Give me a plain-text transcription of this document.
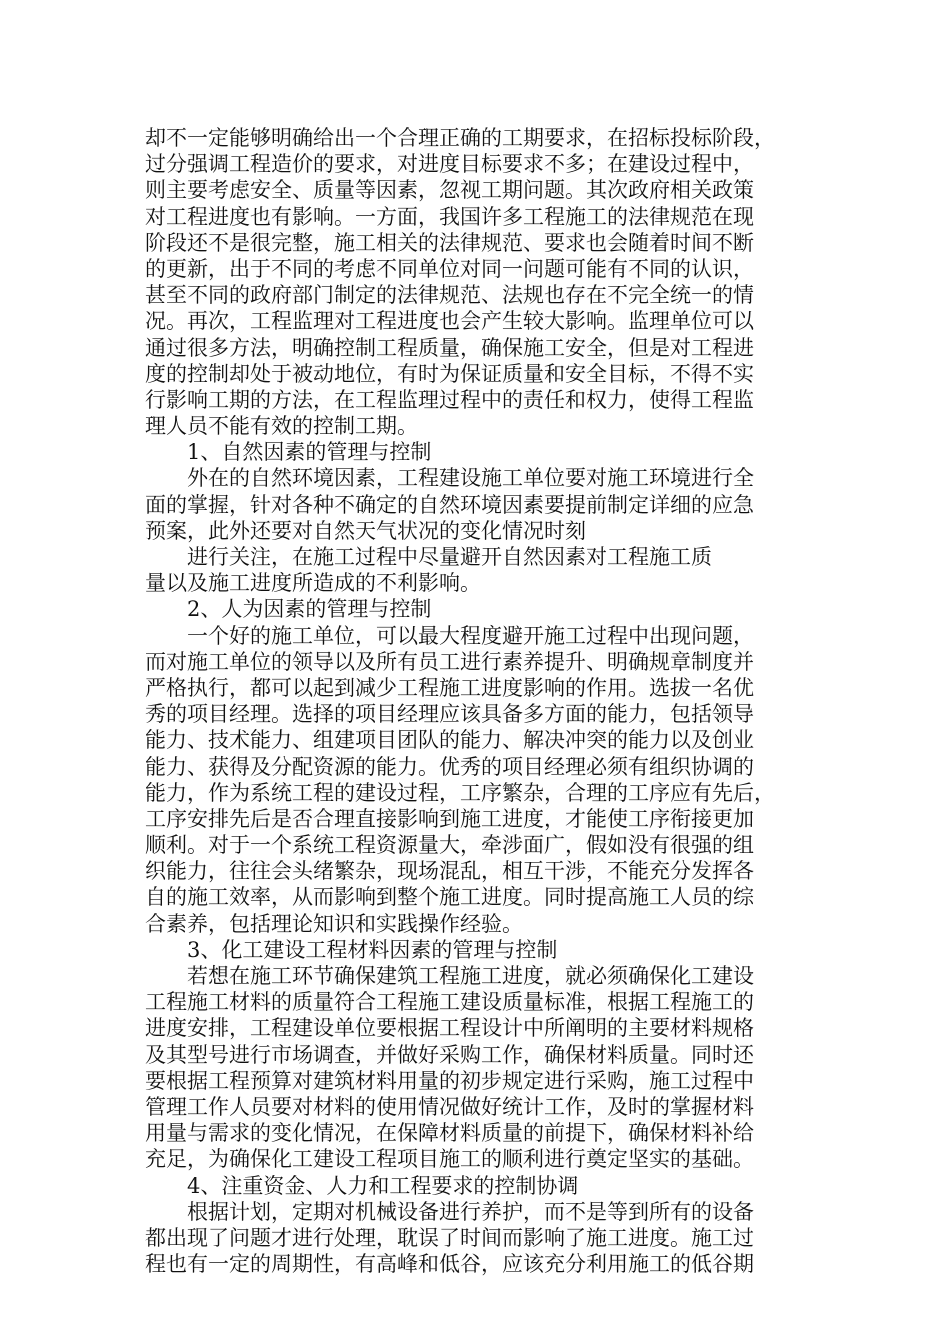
却不一定能够明确给出一个合理正确的工期要求，在招标投标阶段，
过分强调工程造价的要求，对进度目标要求不多；在建设过程中，
则主要考虑安全、质量等因素，忽视工期问题。其次政府相关政策
对工程进度也有影响。一方面，我国许多工程施工的法律规范在现
阶段还不是很完整，施工相关的法律规范、要求也会随着时间不断
的更新，出于不同的考虑不同单位对同一问题可能有不同的认识，
甚至不同的政府部门制定的法律规范、法规也存在不完全统一的情
况。再次，工程监理对工程进度也会产生较大影响。监理单位可以
通过很多方法，明确控制工程质量，确保施工安全，但是对工程进
度的控制却处于被动地位，有时为保证质量和安全目标，不得不实
行影响工期的方法，在工程监理过程中的责任和权力，使得工程监
理人员不能有效的控制工期。
1、自然因素的管理与控制
外在的自然环境因素，工程建设施工单位要对施工环境进行全
面的掌握，针对各种不确定的自然环境因素要提前制定详细的应急
预案，此外还要对自然天气状况的变化情况时刻
进行关注，在施工过程中尽量避开自然因素对工程施工质
量以及施工进度所造成的不利影响。
2、人为因素的管理与控制
一个好的施工单位，可以最大程度避开施工过程中出现问题，
而对施工单位的领导以及所有员工进行素养提升、明确规章制度并
严格执行，都可以起到减少工程施工进度影响的作用。选拔一名优
秀的项目经理。选择的项目经理应该具备多方面的能力，包括领导
能力、技术能力、组建项目团队的能力、解决冲突的能力以及创业
能力、获得及分配资源的能力。优秀的项目经理必须有组织协调的
能力，作为系统工程的建设过程，工序繁杂，合理的工序应有先后，
工序安排先后是否合理直接影响到施工进度，才能使工序衔接更加
顺利。对于一个系统工程资源量大，牵涉面广，假如没有很强的组
织能力，往往会头绪繁杂，现场混乱，相互干涉，不能充分发挥各
自的施工效率，从而影响到整个施工进度。同时提高施工人员的综
合素养，包括理论知识和实践操作经验。
3、化工建设工程材料因素的管理与控制
若想在施工环节确保建筑工程施工进度，就必须确保化工建设
工程施工材料的质量符合工程施工建设质量标准，根据工程施工的
进度安排，工程建设单位要根据工程设计中所阐明的主要材料规格
及其型号进行市场调查，并做好采购工作，确保材料质量。同时还
要根据工程预算对建筑材料用量的初步规定进行采购，施工过程中
管理工作人员要对材料的使用情况做好统计工作，及时的掌握材料
用量与需求的变化情况，在保障材料质量的前提下，确保材料补给
充足，为确保化工建设工程项目施工的顺利进行奠定坚实的基础。
4、注重资金、人力和工程要求的控制协调
根据计划，定期对机械设备进行养护，而不是等到所有的设备
都出现了问题才进行处理，耽误了时间而影响了施工进度。施工过
程也有一定的周期性，有高峰和低谷，应该充分利用施工的低谷期
